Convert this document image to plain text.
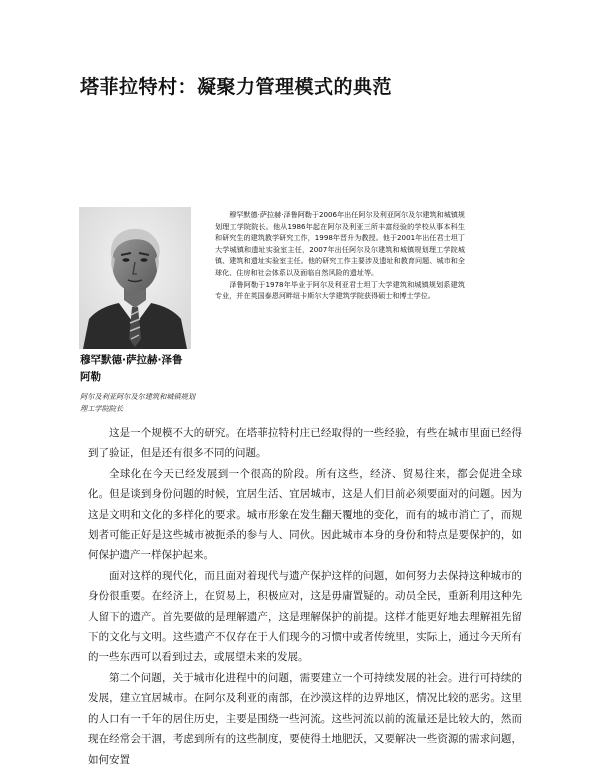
塔菲拉特村：凝聚力管理模式的典范

穆罕默德·萨拉赫·泽鲁阿勒于2006年出任阿尔及利亚阿尔及尔建筑和城镇规划理工学院院长。他从1986年起在阿尔及利亚三所丰富经验的学校从事本科生和研究生的建筑教学研究工作，1998年晋升为教授。他于2001年出任君士坦丁大学城镇和遗址实验室主任，2007年出任阿尔及尔建筑和城镇规划理工学院城镇、建筑和遗址实验室主任。他的研究工作主要涉及遗址和教育问题、城市和全球化、住房和社会体系以及面临自然风险的遗址等。

泽鲁阿勒于1978年毕业于阿尔及利亚君士坦丁大学建筑和城镇规划系建筑专业，并在英国泰恩河畔纽卡斯尔大学建筑学院获得硕士和博士学位。

穆罕默德·萨拉赫·泽鲁阿勒
阿尔及利亚阿尔及尔建筑和城镇规划理工学院院长

这是一个规模不大的研究。在塔菲拉特村庄已经取得的一些经验，有些在城市里面已经得到了验证，但是还有很多不同的问题。

全球化在今天已经发展到一个很高的阶段。所有这些，经济、贸易往来，都会促进全球化。但是谈到身份问题的时候，宜居生活、宜居城市，这是人们目前必须要面对的问题。因为这是文明和文化的多样化的要求。城市形象在发生翻天覆地的变化，而有的城市消亡了，而规划者可能正好是这些城市被扼杀的参与人、同伙。因此城市本身的身份和特点是要保护的，如何保护遗产一样保护起来。

面对这样的现代化，而且面对着现代与遗产保护这样的问题，如何努力去保持这种城市的身份很重要。在经济上，在贸易上，积极应对，这是毋庸置疑的。动员全民，重新利用这种先人留下的遗产。首先要做的是理解遗产，这是理解保护的前提。这样才能更好地去理解祖先留下的文化与文明。这些遗产不仅存在于人们现今的习惯中或者传统里，实际上，通过今天所有的一些东西可以看到过去，或展望未来的发展。

第二个问题，关于城市化进程中的问题，需要建立一个可持续发展的社会。进行可持续的发展，建立宜居城市。在阿尔及利亚的南部，在沙漠这样的边界地区，情况比较的恶劣。这里的人口有一千年的居住历史，主要是围绕一些河流。这些河流以前的流量还是比较大的，然而现在经常会干涸，考虑到所有的这些制度，要使得土地肥沃，又要解决一些资源的需求问题，如何安置
